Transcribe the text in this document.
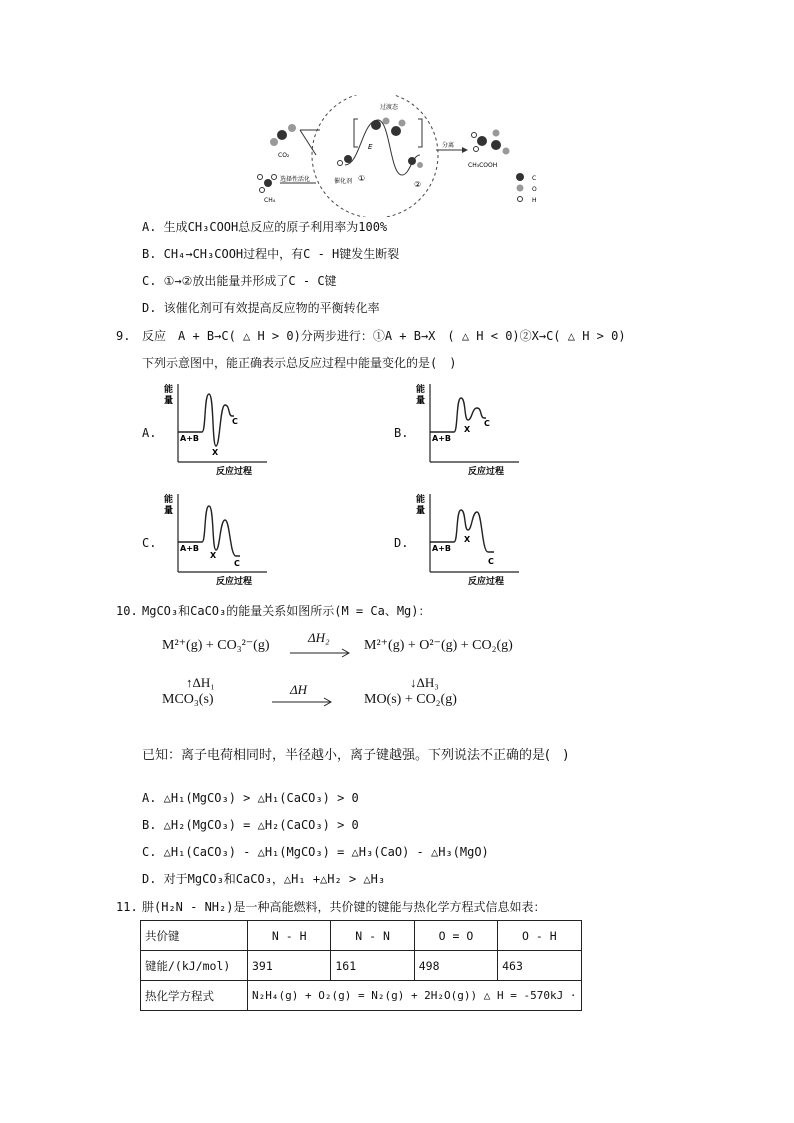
CO₂
CH₄
选择性活化
过渡态
E
催化剂 ①
②
分离
CH₃COOH
C
O
H
A. 生成CH₃COOH总反应的原子利用率为100%
B. CH₄→CH₃COOH过程中，有C - H键发生断裂
C. ①→②放出能量并形成了C - C键
D. 该催化剂可有效提高反应物的平衡转化率
9. 反应　A + B→C( △ H > 0)分两步进行：①A + B→X　( △ H < 0)②X→C( △ H > 0)
下列示意图中，能正确表示总反应过程中能量变化的是(　)
A.	B.
C.	D.
能
量
A+B
X
C
反应过程
能
量
A+B
X
C
反应过程
能
量
A+B
X
C
反应过程
能
量
A+B
X
C
反应过程
10. MgCO₃和CaCO₃的能量关系如图所示(M = Ca、Mg)：
M²⁺(g) + CO₃²⁻(g)
ΔH₂
M²⁺(g) + O²⁻(g) + CO₂(g)
↑ΔH₁
MCO₃(s)
ΔH	↓ΔH₃
MO(s) + CO₂(g)
已知：离子电荷相同时，半径越小，离子键越强。下列说法不正确的是(　)
A. △H₁(MgCO₃) > △H₁(CaCO₃) > 0
B. △H₂(MgCO₃) = △H₂(CaCO₃) > 0
C. △H₁(CaCO₃) - △H₁(MgCO₃) = △H₃(CaO) - △H₃(MgO)
D. 对于MgCO₃和CaCO₃，△H₁ +△H₂ > △H₃
11. 肼(H₂N - NH₂)是一种高能燃料，共价键的键能与热化学方程式信息如表：
共价键	N - H	N - N	O = O	O - H
键能/(kJ/mol)	391	161	498	463
热化学方程式	N₂H₄(g) + O₂(g) = N₂(g) + 2H₂O(g)) △ H = -570kJ ·			
